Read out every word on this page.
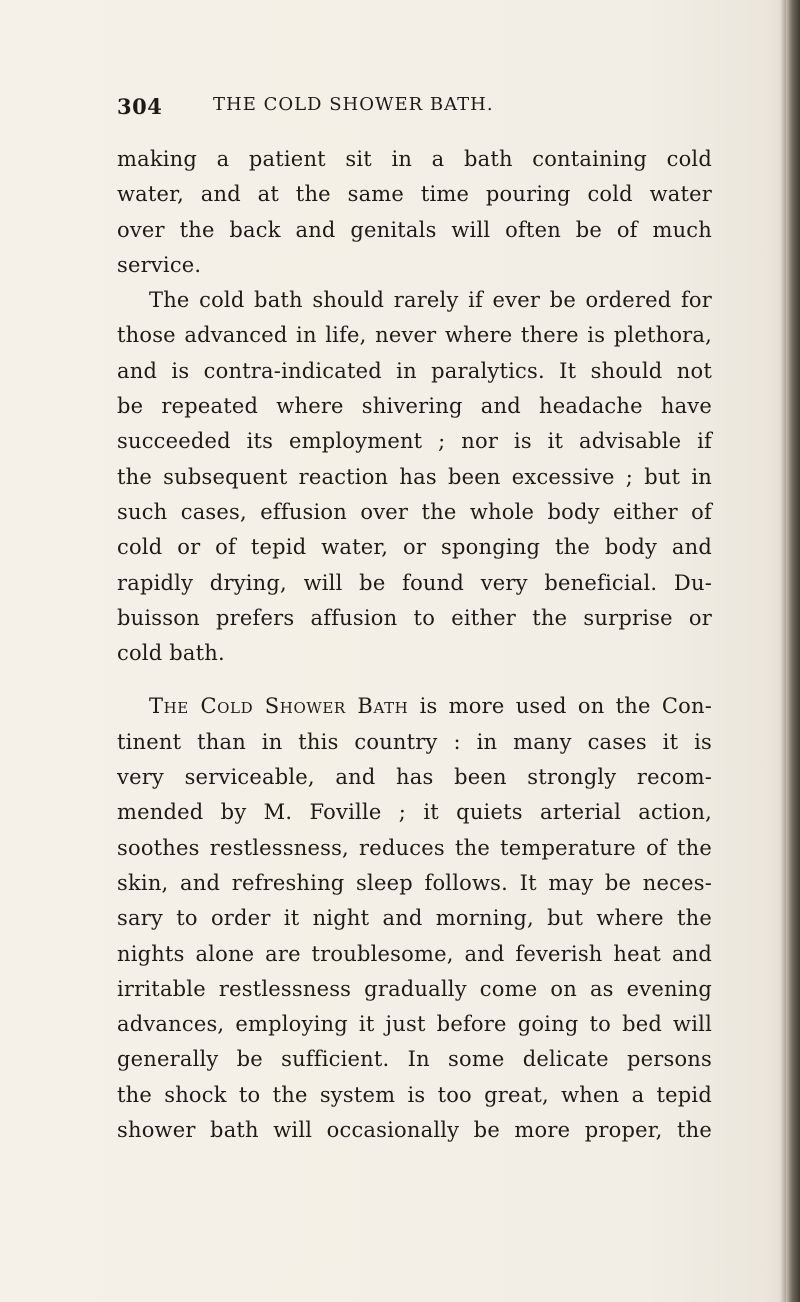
304	THE COLD SHOWER BATH.
making a patient sit in a bath containing cold
water, and at the same time pouring cold water
over the back and genitals will often be of much
service.
The cold bath should rarely if ever be ordered for
those advanced in life, never where there is plethora,
and is contra-indicated in paralytics. It should not
be repeated where shivering and headache have
succeeded its employment ; nor is it advisable if
the subsequent reaction has been excessive ; but in
such cases, effusion over the whole body either of
cold or of tepid water, or sponging the body and
rapidly drying, will be found very beneficial. Du-
buisson prefers affusion to either the surprise or
cold bath.
The Cold Shower Bath is more used on the Con-
tinent than in this country : in many cases it is
very serviceable, and has been strongly recom-
mended by M. Foville ; it quiets arterial action,
soothes restlessness, reduces the temperature of the
skin, and refreshing sleep follows. It may be neces-
sary to order it night and morning, but where the
nights alone are troublesome, and feverish heat and
irritable restlessness gradually come on as evening
advances, employing it just before going to bed will
generally be sufficient. In some delicate persons
the shock to the system is too great, when a tepid
shower bath will occasionally be more proper, the
